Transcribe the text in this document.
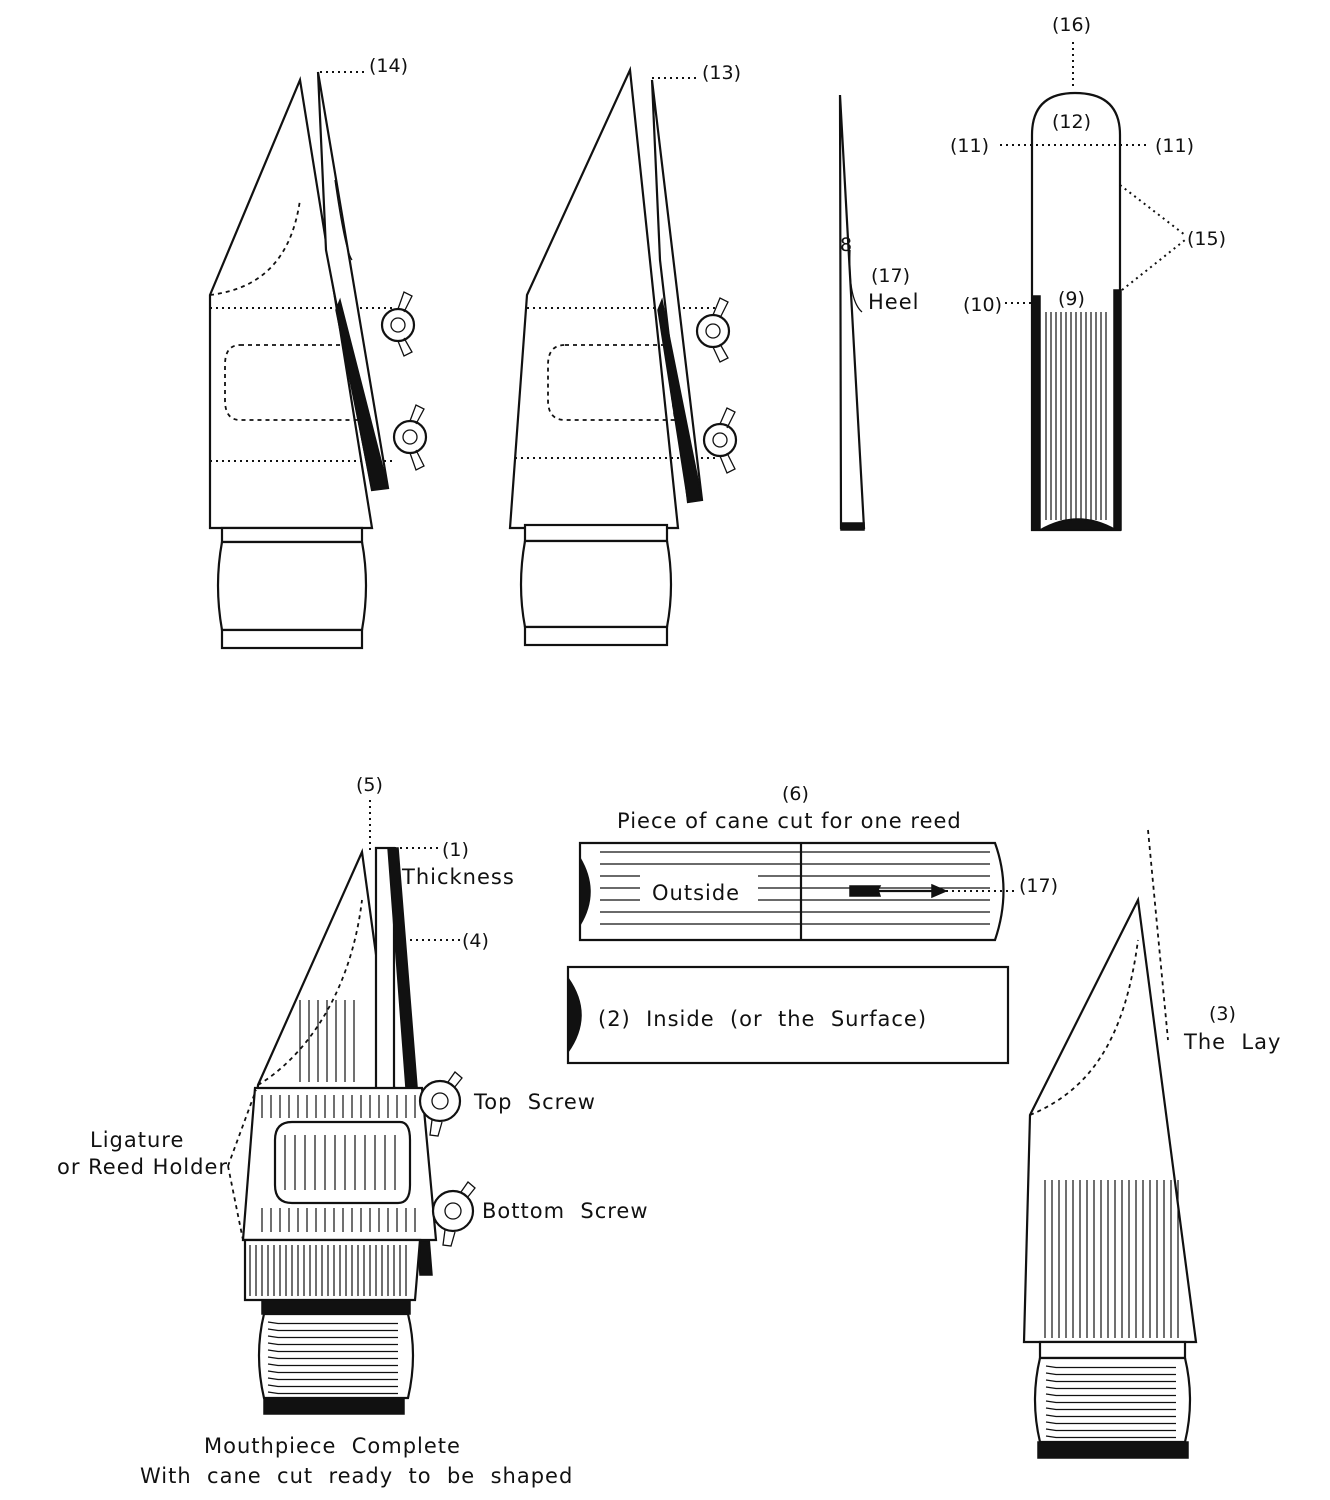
8
(14)	(13)
(16)
(12)
(11)	(11)
(15)
(10)	(9)
(17)
Heel
(5)
(1)
Thickness
(4)
(6)
Piece of cane cut for one reed
Outside	(17)
(2)  Inside  (or  the  Surface)	(3)
The  Lay
Top  Screw
Bottom  Screw
Ligature
or Reed Holder
Mouthpiece  Complete
With  cane  cut  ready  to  be  shaped
